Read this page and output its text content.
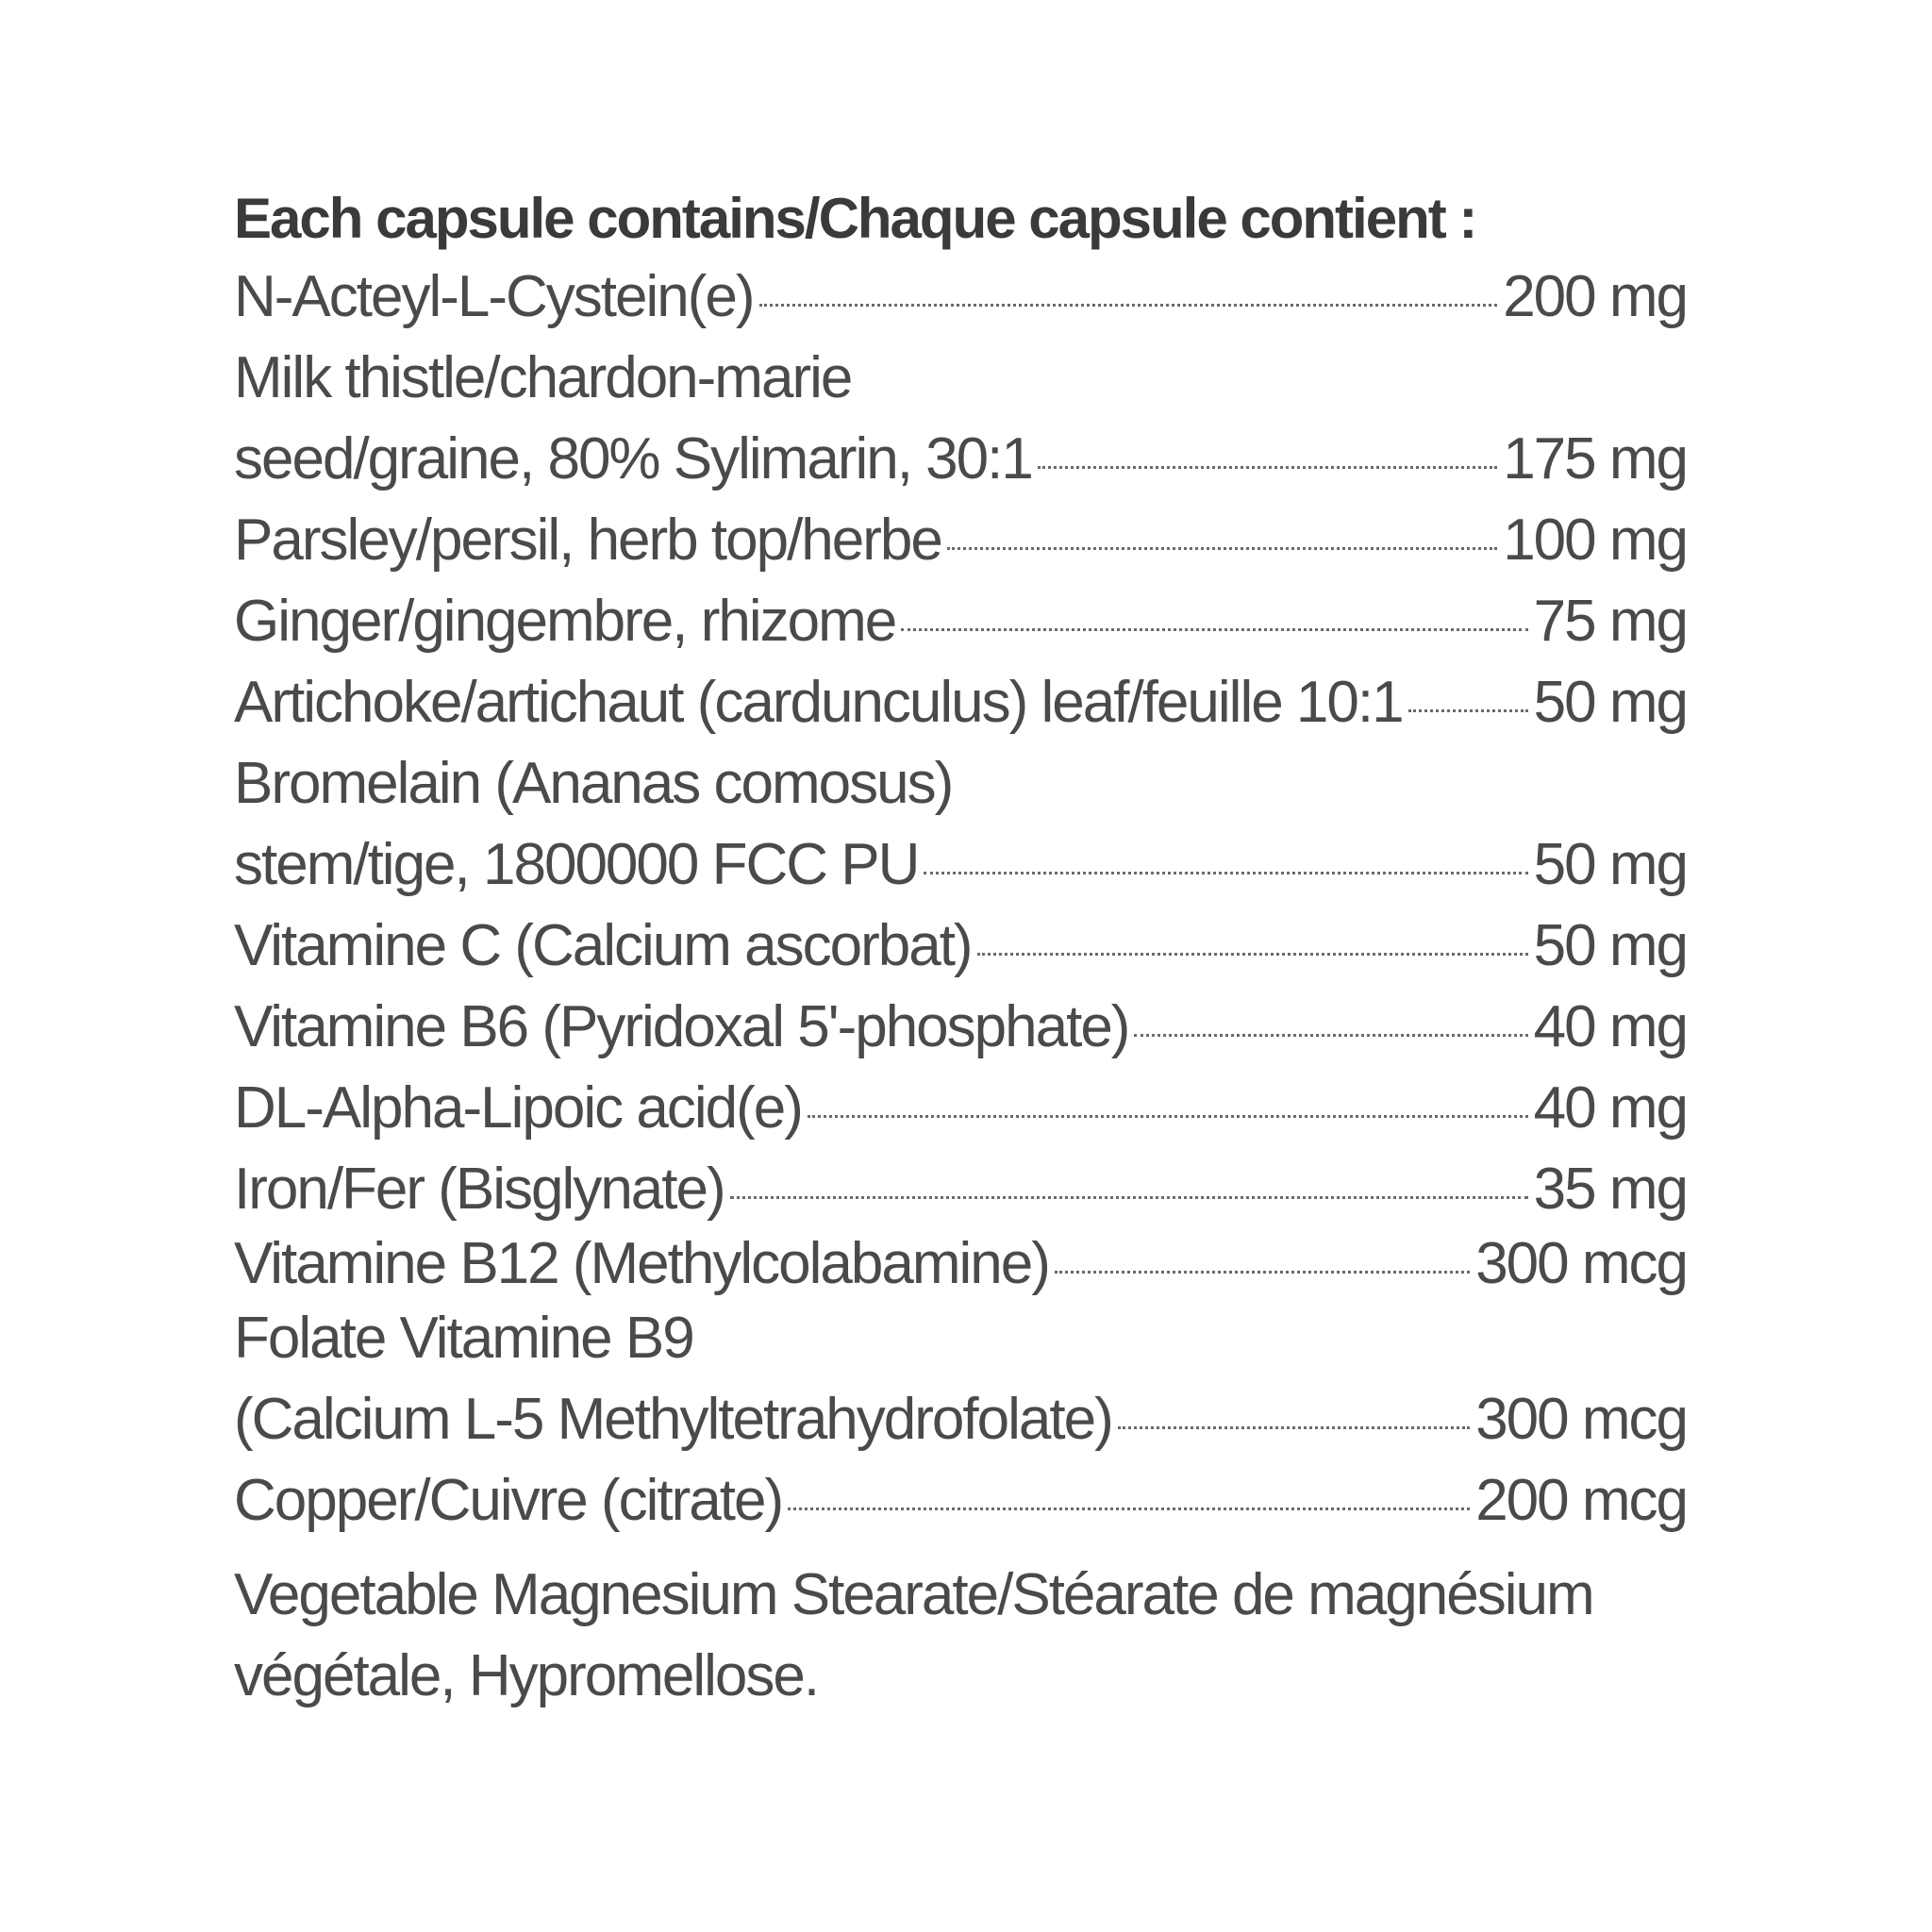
Each capsule contains/Chaque capsule contient :
N-Acteyl-L-Cystein(e)	200 mg
Milk thistle/chardon-marie
seed/graine, 80% Sylimarin, 30:1	175 mg
Parsley/persil, herb top/herbe	100 mg
Ginger/gingembre, rhizome	75 mg
Artichoke/artichaut (cardunculus) leaf/feuille 10:1 50 mg
Bromelain (Ananas comosus)
stem/tige, 1800000 FCC PU	50 mg
Vitamine C (Calcium ascorbat)	50 mg
Vitamine B6 (Pyridoxal 5'-phosphate)	40 mg
DL-Alpha-Lipoic acid(e)	40 mg
Iron/Fer (Bisglynate)	35 mg
Vitamine B12 (Methylcolabamine)	300 mcg
Folate Vitamine B9
(Calcium L-5 Methyltetrahydrofolate)	300 mcg
Copper/Cuivre (citrate)	200 mcg
Vegetable Magnesium Stearate/Stéarate de magnésium végétale, Hypromellose.
